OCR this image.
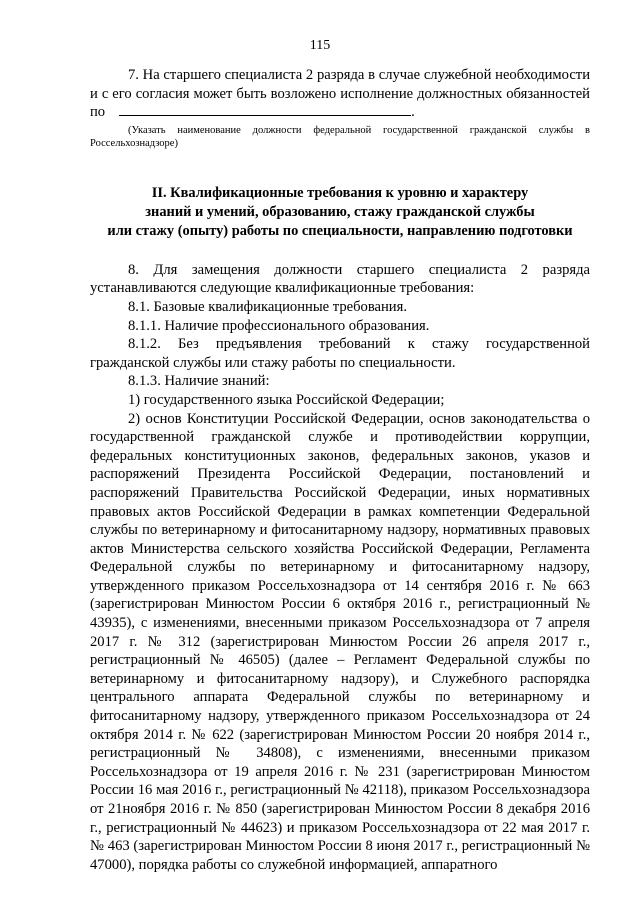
115

7. На старшего специалиста 2 разряда в случае служебной необходимости и с его согласия может быть возложено исполнение должностных обязанностей по	.

(Указать наименование должности федеральной государственной гражданской службы в Россельхознадзоре)

II. Квалификационные требования к уровню и характеру

знаний и умений, образованию, стажу гражданской службы

или стажу (опыту) работы по специальности, направлению подготовки

8. Для замещения должности старшего специалиста 2 разряда устанавливаются следующие квалификационные требования:

8.1. Базовые квалификационные требования.

8.1.1. Наличие профессионального образования.

8.1.2. Без предъявления требований к стажу государственной гражданской службы или стажу работы по специальности.

8.1.3. Наличие знаний:

1) государственного языка Российской Федерации;

2) основ Конституции Российской Федерации, основ законодательства о государственной гражданской службе и противодействии коррупции, федеральных конституционных законов, федеральных законов, указов и распоряжений Президента Российской Федерации, постановлений и распоряжений Правительства Российской Федерации, иных нормативных правовых актов Российской Федерации в рамках компетенции Федеральной службы по ветеринарному и фитосанитарному надзору, нормативных правовых актов Министерства сельского хозяйства Российской Федерации, Регламента Федеральной службы по ветеринарному и фитосанитарному надзору, утвержденного приказом Россельхознадзора от 14 сентября 2016 г. № 663 (зарегистрирован Минюстом России 6 октября 2016 г., регистрационный № 43935), с изменениями, внесенными приказом Россельхознадзора от 7 апреля 2017 г. № 312 (зарегистрирован Минюстом России 26 апреля 2017 г., регистрационный № 46505) (далее – Регламент Федеральной службы по ветеринарному и фитосанитарному надзору), и Служебного распорядка центрального аппарата Федеральной службы по ветеринарному и фитосанитарному надзору, утвержденного приказом Россельхознадзора от 24 октября 2014 г. № 622 (зарегистрирован Минюстом России 20 ноября 2014 г., регистрационный № 34808), с изменениями, внесенными приказом Россельхознадзора от 19 апреля 2016 г. № 231 (зарегистрирован Минюстом России 16 мая 2016 г., регистрационный № 42118), приказом Россельхознадзора от 21ноября 2016 г. № 850 (зарегистрирован Минюстом России 8 декабря 2016 г., регистрационный № 44623) и приказом Россельхознадзора от 22 мая 2017 г. № 463 (зарегистрирован Минюстом России 8 июня 2017 г., регистрационный № 47000), порядка работы со служебной информацией, аппаратного
